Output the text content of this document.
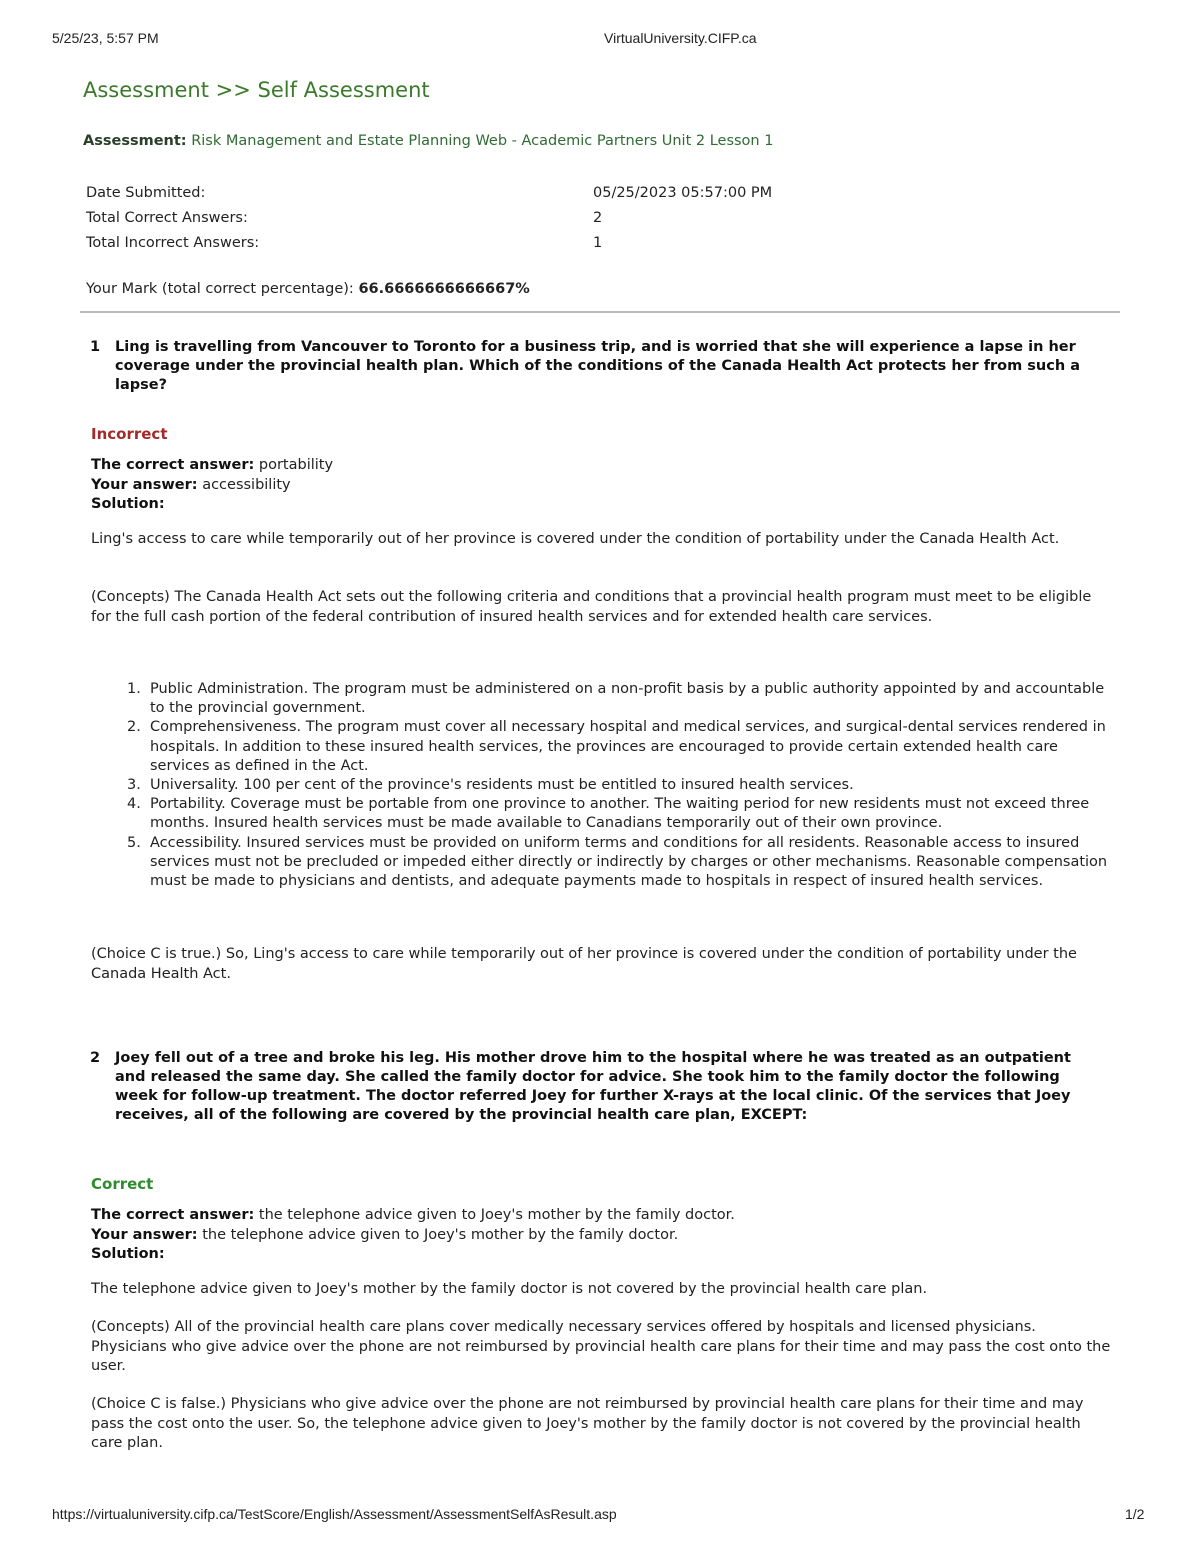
5/25/23, 5:57 PM	VirtualUniversity.CIFP.ca
https://virtualuniversity.cifp.ca/TestScore/English/Assessment/AssessmentSelfAsResult.asp	1/2
Assessment >> Self Assessment
Assessment: Risk Management and Estate Planning Web - Academic Partners Unit 2 Lesson 1
Date Submitted:	05/25/2023 05:57:00 PM
Total Correct Answers:	2
Total Incorrect Answers:	1
Your Mark (total correct percentage): 66.6666666666667%
1 Ling is travelling from Vancouver to Toronto for a business trip, and is worried that she will experience a lapse in her coverage under the provincial health plan. Which of the conditions of the Canada Health Act protects her from such a lapse?
Incorrect
The correct answer: portability
Your answer: accessibility
Solution:

Ling's access to care while temporarily out of her province is covered under the condition of portability under the Canada Health Act.

(Concepts) The Canada Health Act sets out the following criteria and conditions that a provincial health program must meet to be eligible for the full cash portion of the federal contribution of insured health services and for extended health care services.

1. Public Administration. The program must be administered on a non-profit basis by a public authority appointed by and accountable to the provincial government.
2. Comprehensiveness. The program must cover all necessary hospital and medical services, and surgical-dental services rendered in hospitals. In addition to these insured health services, the provinces are encouraged to provide certain extended health care services as defined in the Act.
3. Universality. 100 per cent of the province's residents must be entitled to insured health services.
4. Portability. Coverage must be portable from one province to another. The waiting period for new residents must not exceed three months. Insured health services must be made available to Canadians temporarily out of their own province.
5. Accessibility. Insured services must be provided on uniform terms and conditions for all residents. Reasonable access to insured services must not be precluded or impeded either directly or indirectly by charges or other mechanisms. Reasonable compensation must be made to physicians and dentists, and adequate payments made to hospitals in respect of insured health services.

(Choice C is true.) So, Ling's access to care while temporarily out of her province is covered under the condition of portability under the Canada Health Act.

2 Joey fell out of a tree and broke his leg. His mother drove him to the hospital where he was treated as an outpatient and released the same day. She called the family doctor for advice. She took him to the family doctor the following week for follow-up treatment. The doctor referred Joey for further X-rays at the local clinic. Of the services that Joey receives, all of the following are covered by the provincial health care plan, EXCEPT:
Correct
The correct answer: the telephone advice given to Joey's mother by the family doctor.
Your answer: the telephone advice given to Joey's mother by the family doctor.
Solution:

The telephone advice given to Joey's mother by the family doctor is not covered by the provincial health care plan.

(Concepts) All of the provincial health care plans cover medically necessary services offered by hospitals and licensed physicians. Physicians who give advice over the phone are not reimbursed by provincial health care plans for their time and may pass the cost onto the user.

(Choice C is false.) Physicians who give advice over the phone are not reimbursed by provincial health care plans for their time and may pass the cost onto the user. So, the telephone advice given to Joey's mother by the family doctor is not covered by the provincial health care plan.
